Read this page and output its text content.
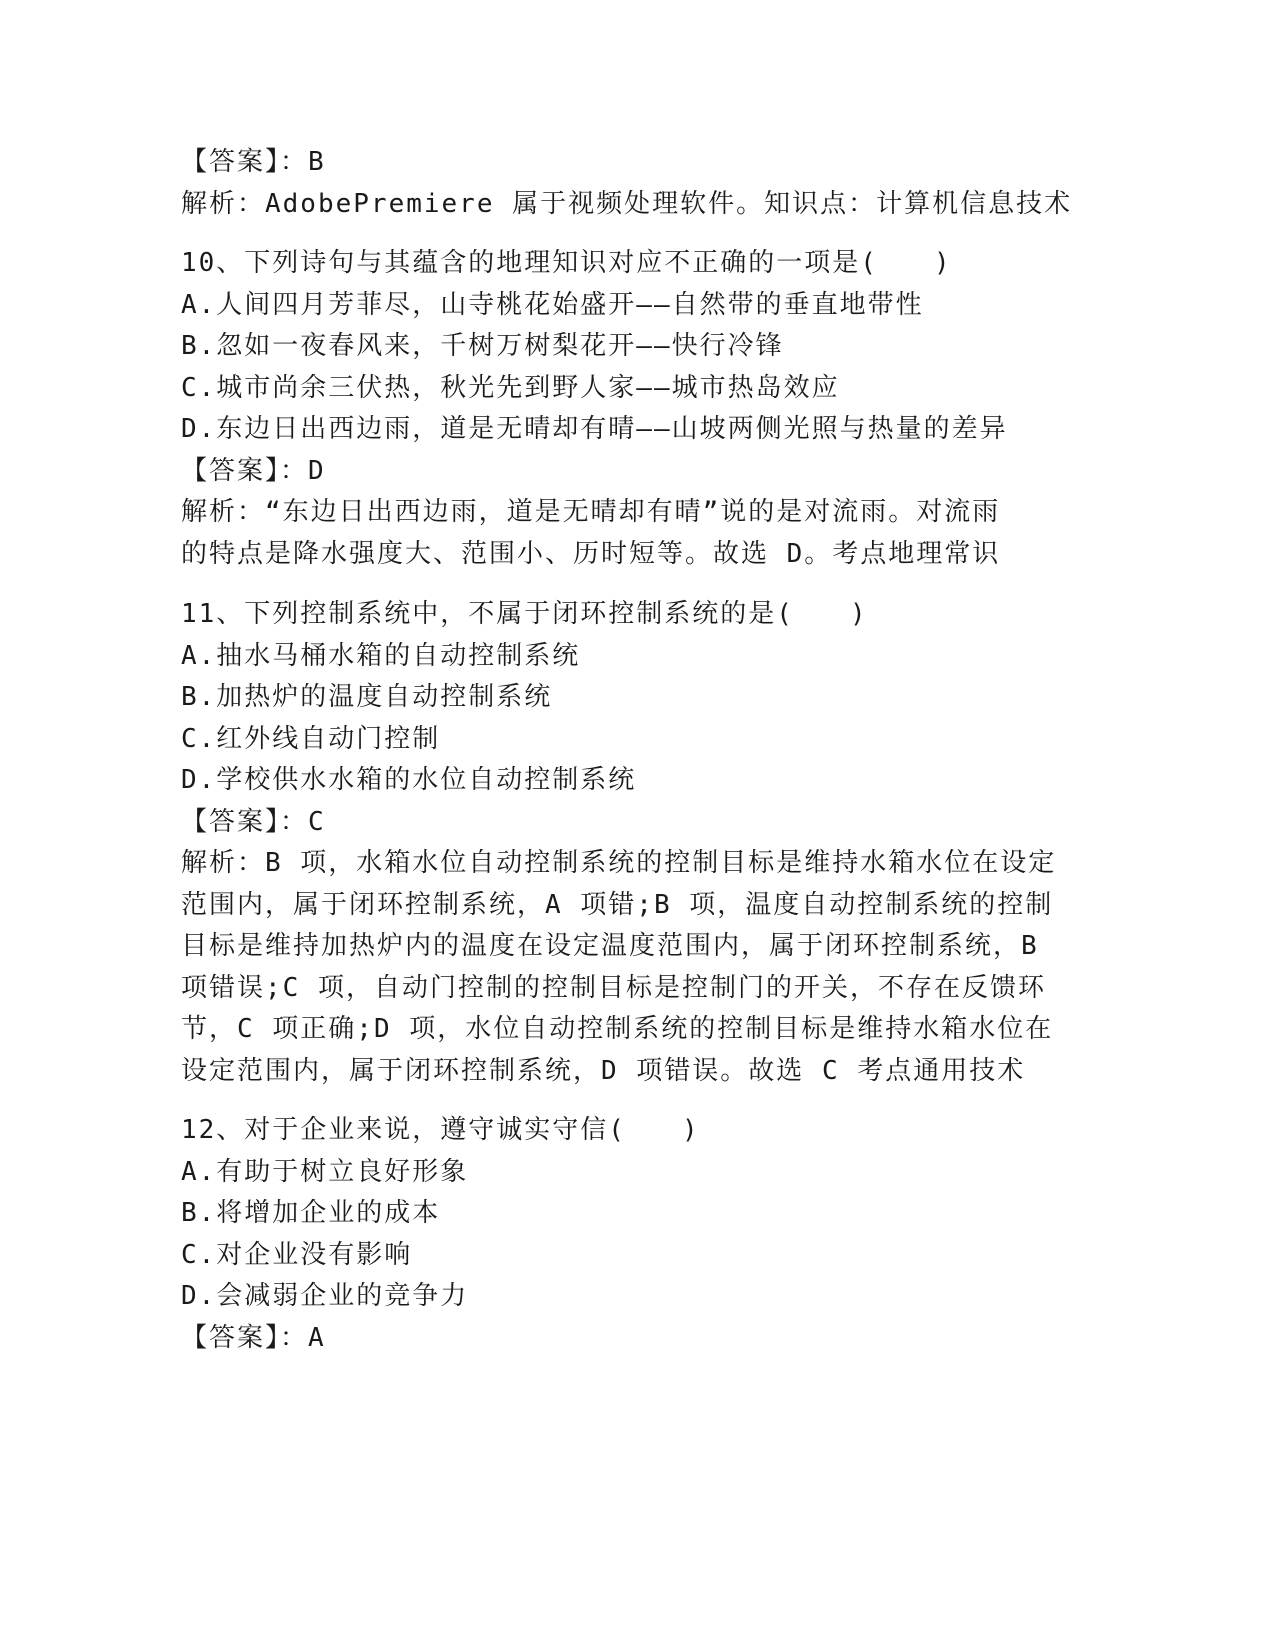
【答案】：B
解析：AdobePremiere 属于视频处理软件。知识点：计算机信息技术
10、下列诗句与其蕴含的地理知识对应不正确的一项是(　　)
A.人间四月芳菲尽，山寺桃花始盛开——自然带的垂直地带性
B.忽如一夜春风来，千树万树梨花开——快行冷锋
C.城市尚余三伏热，秋光先到野人家——城市热岛效应
D.东边日出西边雨，道是无晴却有晴——山坡两侧光照与热量的差异
【答案】：D
解析：“东边日出西边雨，道是无晴却有晴”说的是对流雨。对流雨
的特点是降水强度大、范围小、历时短等。故选 D。考点地理常识
11、下列控制系统中，不属于闭环控制系统的是(　　)
A.抽水马桶水箱的自动控制系统
B.加热炉的温度自动控制系统
C.红外线自动门控制
D.学校供水水箱的水位自动控制系统
【答案】：C
解析：B 项，水箱水位自动控制系统的控制目标是维持水箱水位在设定
范围内，属于闭环控制系统，A 项错;B 项，温度自动控制系统的控制
目标是维持加热炉内的温度在设定温度范围内，属于闭环控制系统，B
项错误;C 项，自动门控制的控制目标是控制门的开关，不存在反馈环
节，C 项正确;D 项，水位自动控制系统的控制目标是维持水箱水位在
设定范围内，属于闭环控制系统，D 项错误。故选 C 考点通用技术
12、对于企业来说，遵守诚实守信(　　)
A.有助于树立良好形象
B.将增加企业的成本
C.对企业没有影响
D.会减弱企业的竞争力
【答案】：A
